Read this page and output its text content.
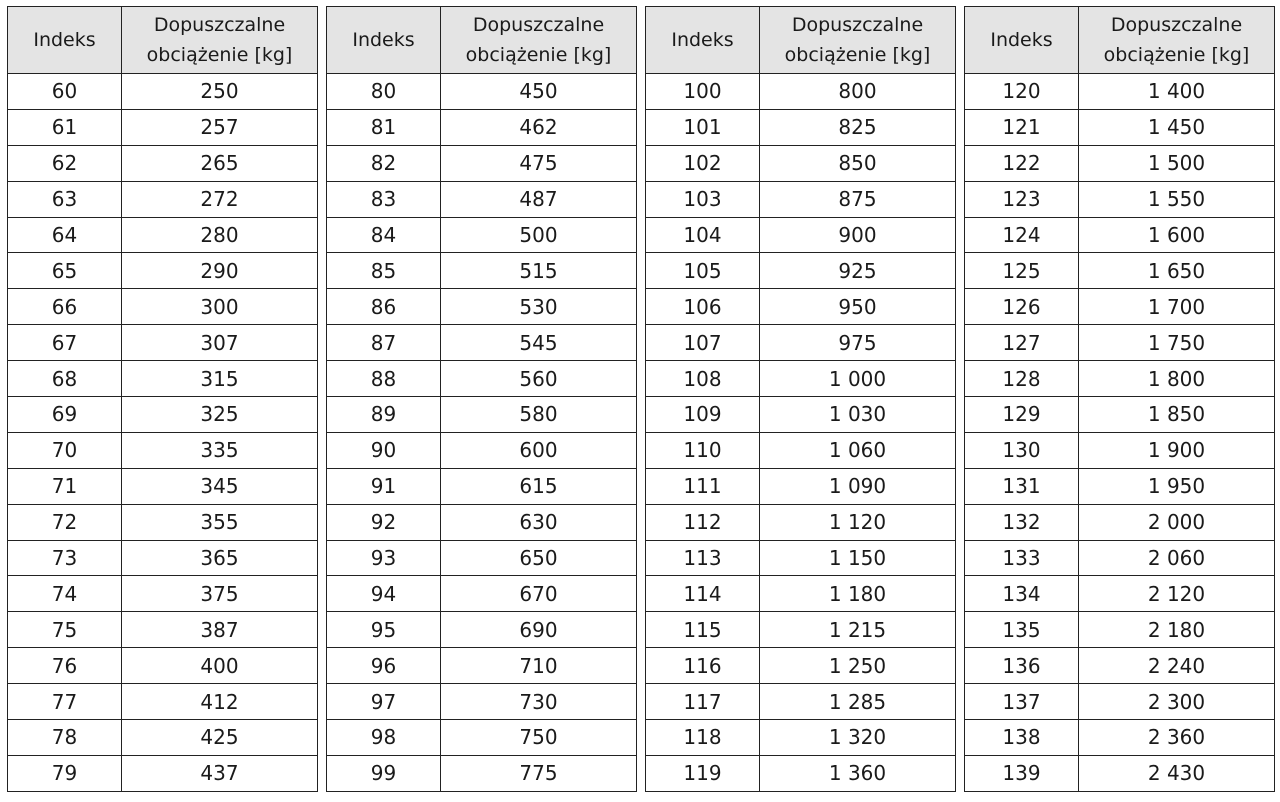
Indeks	Dopuszczalne
obciążenie [kg]

60	250
61	257
62	265
63	272
64	280
65	290
66	300
67	307
68	315
69	325
70	335
71	345
72	355
73	365
74	375
75	387
76	400
77	412
78	425
79	437
Indeks	Dopuszczalne
obciążenie [kg]

80	450
81	462
82	475
83	487
84	500
85	515
86	530
87	545
88	560
89	580
90	600
91	615
92	630
93	650
94	670
95	690
96	710
97	730
98	750
99	775
Indeks	Dopuszczalne
obciążenie [kg]

100	800
101	825
102	850
103	875
104	900
105	925
106	950
107	975
108	1 000
109	1 030
110	1 060
111	1 090
112	1 120
113	1 150
114	1 180
115	1 215
116	1 250
117	1 285
118	1 320
119	1 360
Indeks	Dopuszczalne
obciążenie [kg]

120	1 400
121	1 450
122	1 500
123	1 550
124	1 600
125	1 650
126	1 700
127	1 750
128	1 800
129	1 850
130	1 900
131	1 950
132	2 000
133	2 060
134	2 120
135	2 180
136	2 240
137	2 300
138	2 360
139	2 430
